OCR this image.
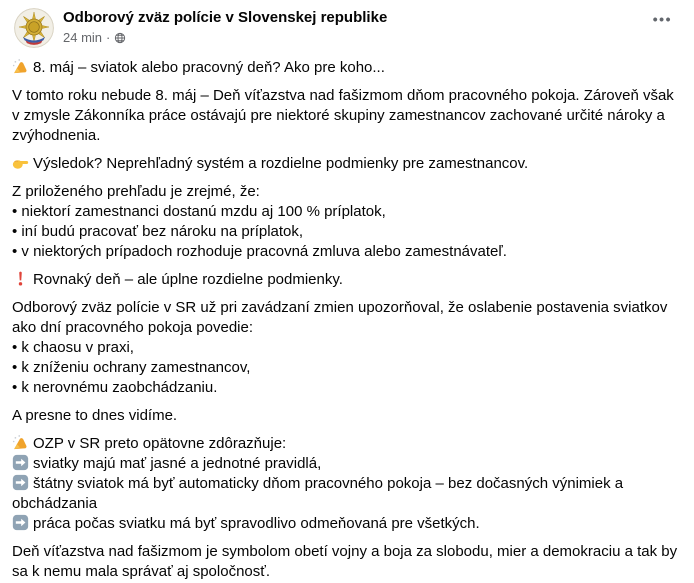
Odborový zväz polície v Slovenskej republike
24 min ·
•••
8. máj – sviatok alebo pracovný deň? Ako pre koho...
V tomto roku nebude 8. máj – Deň víťazstva nad fašizmom dňom pracovného pokoja. Zároveň však v zmysle Zákonníka práce ostávajú pre niektoré skupiny zamestnancov zachované určité nároky a zvýhodnenia.
Výsledok? Neprehľadný systém a rozdielne podmienky pre zamestnancov.
Z priloženého prehľadu je zrejmé, že:
• niektorí zamestnanci dostanú mzdu aj 100 % príplatok,
• iní budú pracovať bez nároku na príplatok,
• v niektorých prípadoch rozhoduje pracovná zmluva alebo zamestnávateľ.
Rovnaký deň – ale úplne rozdielne podmienky.
Odborový zväz polície v SR už pri zavádzaní zmien upozorňoval, že oslabenie postavenia sviatkov ako dní pracovného pokoja povedie:
• k chaosu v praxi,
• k zníženiu ochrany zamestnancov,
• k nerovnému zaobchádzaniu.
A presne to dnes vidíme.
OZP v SR preto opätovne zdôrazňuje:
sviatky majú mať jasné a jednotné pravidlá,
štátny sviatok má byť automaticky dňom pracovného pokoja – bez dočasných výnimiek a obchádzania
práca počas sviatku má byť spravodlivo odmeňovaná pre všetkých.
Deň víťazstva nad fašizmom je symbolom obetí vojny a boja za slobodu, mier a demokraciu a tak by sa k nemu mala správať aj spoločnosť.
